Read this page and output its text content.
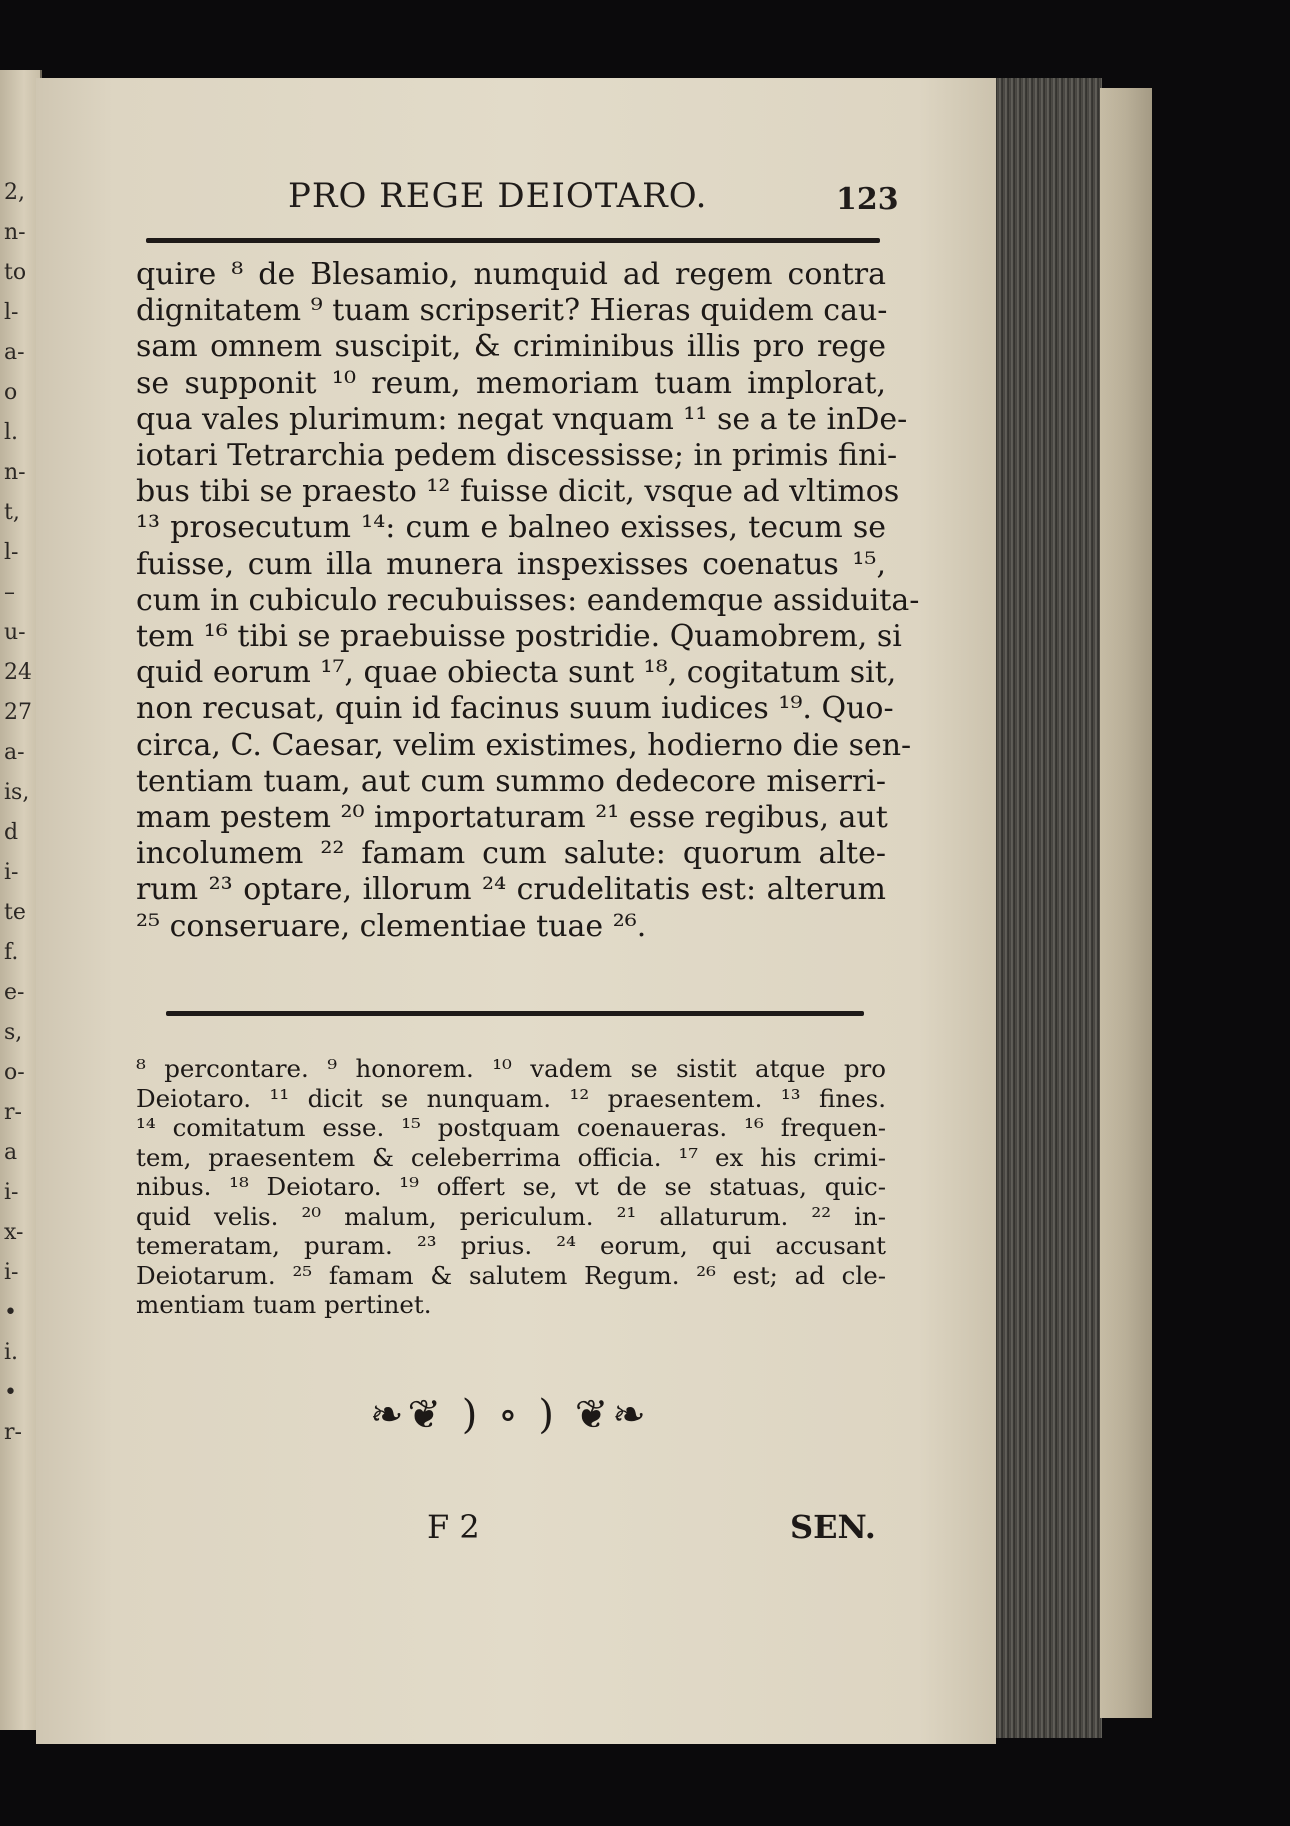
2,
n-
to
l-
a-
o
l.
n-
t,
l-
–
u-
24
27
a-
is,
d
i-
te
f.
e-
s,
o-
r-
a
i-
x-
i-
•
i.
•
r-
PRO REGE DEIOTARO.	123
quire ⁸ de Blesamio, numquid ad regem contra
dignitatem ⁹ tuam scripserit? Hieras quidem cau-
sam omnem suscipit, & criminibus illis pro rege
se supponit ¹⁰ reum, memoriam tuam implorat,
qua vales plurimum: negat vnquam ¹¹ se a te inDe-
iotari Tetrarchia pedem discessisse; in primis fini-
bus tibi se praesto ¹² fuisse dicit, vsque ad vltimos
¹³ prosecutum ¹⁴: cum e balneo exisses, tecum se
fuisse, cum illa munera inspexisses coenatus ¹⁵,
cum in cubiculo recubuisses: eandemque assiduita-
tem ¹⁶ tibi se praebuisse postridie. Quamobrem, si
quid eorum ¹⁷, quae obiecta sunt ¹⁸, cogitatum sit,
non recusat, quin id facinus suum iudices ¹⁹. Quo-
circa, C. Caesar, velim existimes, hodierno die sen-
tentiam tuam, aut cum summo dedecore miserri-
mam pestem ²⁰ importaturam ²¹ esse regibus, aut
incolumem ²² famam cum salute: quorum alte-
rum ²³ optare, illorum ²⁴ crudelitatis est: alterum
²⁵ conseruare, clementiae tuae ²⁶.
⁸ percontare. ⁹ honorem. ¹⁰ vadem se sistit atque pro
Deiotaro. ¹¹ dicit se nunquam. ¹² praesentem. ¹³ fines.
¹⁴ comitatum esse. ¹⁵ postquam coenaueras. ¹⁶ frequen-
tem, praesentem & celeberrima officia. ¹⁷ ex his crimi-
nibus. ¹⁸ Deiotaro. ¹⁹ offert se, vt de se statuas, quic-
quid velis. ²⁰ malum, periculum. ²¹ allaturum. ²² in-
temeratam, puram. ²³ prius. ²⁴ eorum, qui accusant
Deiotarum. ²⁵ famam & salutem Regum. ²⁶ est; ad cle-
mentiam tuam pertinet.
❧❦ ) ∘ ) ❦❧
F 2	SEN.
